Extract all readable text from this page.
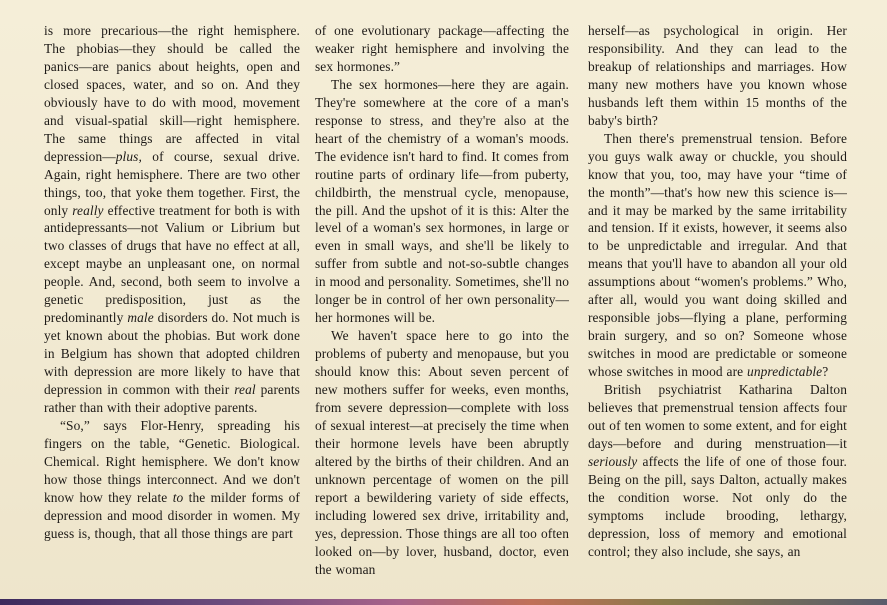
is more precarious—the right hemisphere. The phobias—they should be called the panics—are panics about heights, open and closed spaces, water, and so on. And they obviously have to do with mood, movement and visual-spatial skill—right hemisphere. The same things are affected in vital depression—plus, of course, sexual drive. Again, right hemisphere. There are two other things, too, that yoke them together. First, the only really effective treatment for both is with antidepressants—not Valium or Librium but two classes of drugs that have no effect at all, except maybe an unpleasant one, on normal people. And, second, both seem to involve a genetic predisposition, just as the predominantly male disorders do. Not much is yet known about the phobias. But work done in Belgium has shown that adopted children with depression are more likely to have that depression in common with their real parents rather than with their adoptive parents.

“So,” says Flor-Henry, spreading his fingers on the table, “Genetic. Biological. Chemical. Right hemisphere. We don't know how those things interconnect. And we don't know how they relate to the milder forms of depression and mood disorder in women. My guess is, though, that all those things are part

of one evolutionary package—affecting the weaker right hemisphere and involving the sex hormones.”

The sex hormones—here they are again. They're somewhere at the core of a man's response to stress, and they're also at the heart of the chemistry of a woman's moods. The evidence isn't hard to find. It comes from routine parts of ordinary life—from puberty, childbirth, the menstrual cycle, menopause, the pill. And the upshot of it is this: Alter the level of a woman's sex hormones, in large or even in small ways, and she'll be likely to suffer from subtle and not-so-subtle changes in mood and personality. Sometimes, she'll no longer be in control of her own personality—her hormones will be.

We haven't space here to go into the problems of puberty and menopause, but you should know this: About seven percent of new mothers suffer for weeks, even months, from severe depression—complete with loss of sexual interest—at precisely the time when their hormone levels have been abruptly altered by the births of their children. And an unknown percentage of women on the pill report a bewildering variety of side effects, including lowered sex drive, irritability and, yes, depression. Those things are all too often looked on—by lover, husband, doctor, even the woman

herself—as psychological in origin. Her responsibility. And they can lead to the breakup of relationships and marriages. How many new mothers have you known whose husbands left them within 15 months of the baby's birth?

Then there's premenstrual tension. Before you guys walk away or chuckle, you should know that you, too, may have your “time of the month”—that's how new this science is—and it may be marked by the same irritability and tension. If it exists, however, it seems also to be unpredictable and irregular. And that means that you'll have to abandon all your old assumptions about “women's problems.” Who, after all, would you want doing skilled and responsible jobs—flying a plane, performing brain surgery, and so on? Someone whose switches in mood are predictable or someone whose switches in mood are unpredictable?

British psychiatrist Katharina Dalton believes that premenstrual tension affects four out of ten women to some extent, and for eight days—before and during menstruation—it seriously affects the life of one of those four. Being on the pill, says Dalton, actually makes the condition worse. Not only do the symptoms include brooding, lethargy, depression, loss of memory and emotional control; they also include, she says, an
